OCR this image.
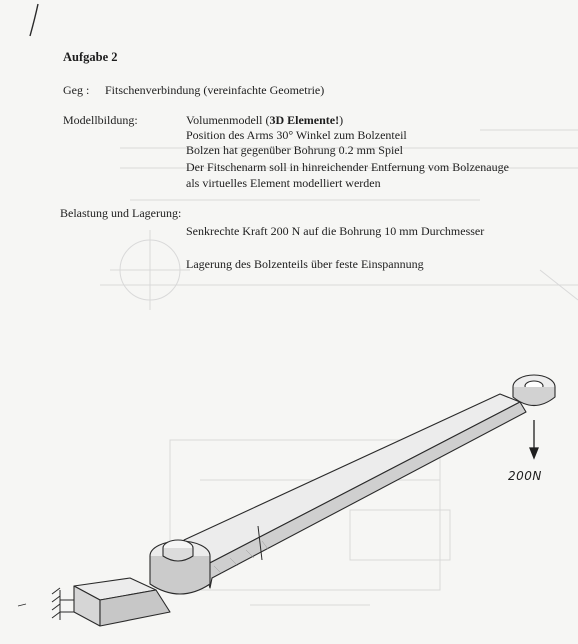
Aufgabe 2
Geg : Fitschenverbindung (vereinfachte Geometrie)
Modellbildung:	Volumenmodell (3D Elemente!)
Position des Arms 30° Winkel zum Bolzenteil
Bolzen hat gegenüber Bohrung 0.2 mm Spiel
Der Fitschenarm soll in hinreichender Entfernung vom Bolzenauge
als virtuelles Element modelliert werden
Belastung und Lagerung:
Senkrechte Kraft 200 N auf die Bohrung 10 mm Durchmesser
Lagerung des Bolzenteils über feste Einspannung
200N
